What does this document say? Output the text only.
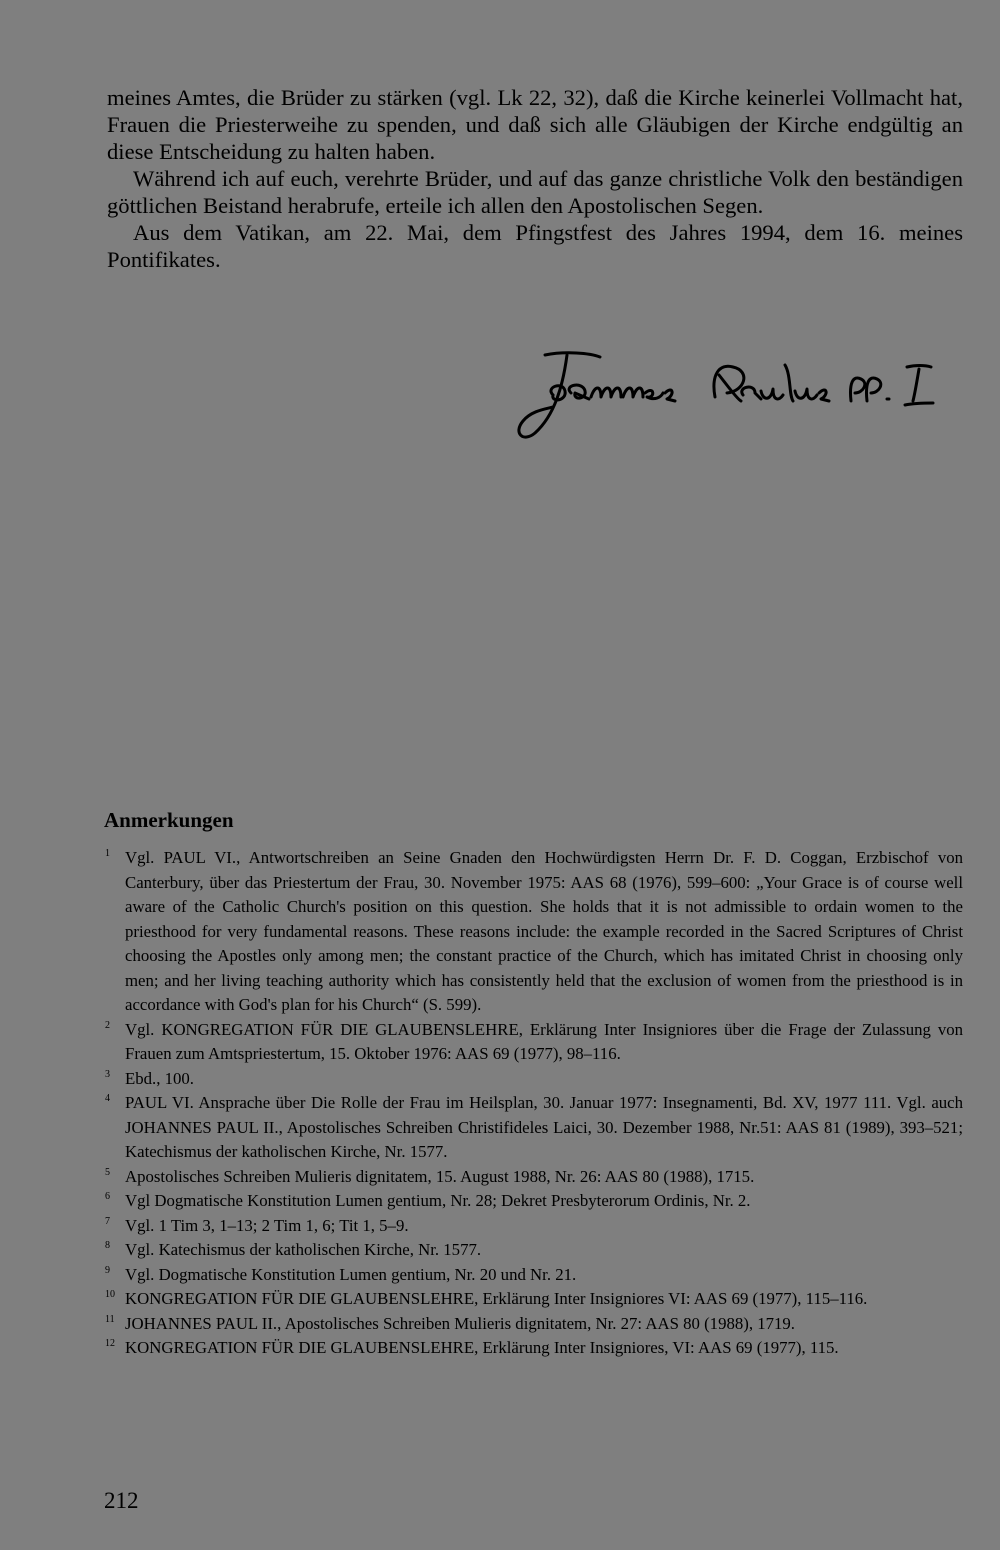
meines Amtes, die Brüder zu stärken (vgl. Lk 22, 32), daß die Kirche keinerlei Vollmacht hat, Frauen die Priesterweihe zu spenden, und daß sich alle Gläubigen der Kirche endgültig an diese Entscheidung zu halten haben.

Während ich auf euch, verehrte Brüder, und auf das ganze christliche Volk den beständigen göttlichen Beistand herabrufe, erteile ich allen den Apostolischen Segen.

Aus dem Vatikan, am 22. Mai, dem Pfingstfest des Jahres 1994, dem 16. meines Pontifikates.

Anmerkungen
1 Vgl. PAUL VI., Antwortschreiben an Seine Gnaden den Hochwürdigsten Herrn Dr. F. D. Coggan, Erzbischof von Canterbury, über das Priestertum der Frau, 30. November 1975: AAS 68 (1976), 599–600: „Your Grace is of course well aware of the Catholic Church's position on this question. She holds that it is not admissible to ordain women to the priesthood for very fundamental reasons. These reasons include: the example recorded in the Sacred Scriptures of Christ choosing the Apostles only among men; the constant practice of the Church, which has imitated Christ in choosing only men; and her living teaching authority which has consistently held that the exclusion of women from the priesthood is in accordance with God's plan for his Church“ (S. 599).
2 Vgl. KONGREGATION FÜR DIE GLAUBENSLEHRE, Erklärung Inter Insigniores über die Frage der Zulassung von Frauen zum Amtspriestertum, 15. Oktober 1976: AAS 69 (1977), 98–116.
3 Ebd., 100.
4 PAUL VI. Ansprache über Die Rolle der Frau im Heilsplan, 30. Januar 1977: Insegnamenti, Bd. XV, 1977 111. Vgl. auch JOHANNES PAUL II., Apostolisches Schreiben Christifideles Laici, 30. Dezember 1988, Nr.51: AAS 81 (1989), 393–521; Katechismus der katholischen Kirche, Nr. 1577.
5 Apostolisches Schreiben Mulieris dignitatem, 15. August 1988, Nr. 26: AAS 80 (1988), 1715.
6 Vgl Dogmatische Konstitution Lumen gentium, Nr. 28; Dekret Presbyterorum Ordinis, Nr. 2.
7 Vgl. 1 Tim 3, 1–13; 2 Tim 1, 6; Tit 1, 5–9.
8 Vgl. Katechismus der katholischen Kirche, Nr. 1577.
9 Vgl. Dogmatische Konstitution Lumen gentium, Nr. 20 und Nr. 21.
10 KONGREGATION FÜR DIE GLAUBENSLEHRE, Erklärung Inter Insigniores VI: AAS 69 (1977), 115–116.
11 JOHANNES PAUL II., Apostolisches Schreiben Mulieris dignitatem, Nr. 27: AAS 80 (1988), 1719.
12 KONGREGATION FÜR DIE GLAUBENSLEHRE, Erklärung Inter Insigniores, VI: AAS 69 (1977), 115.
212
